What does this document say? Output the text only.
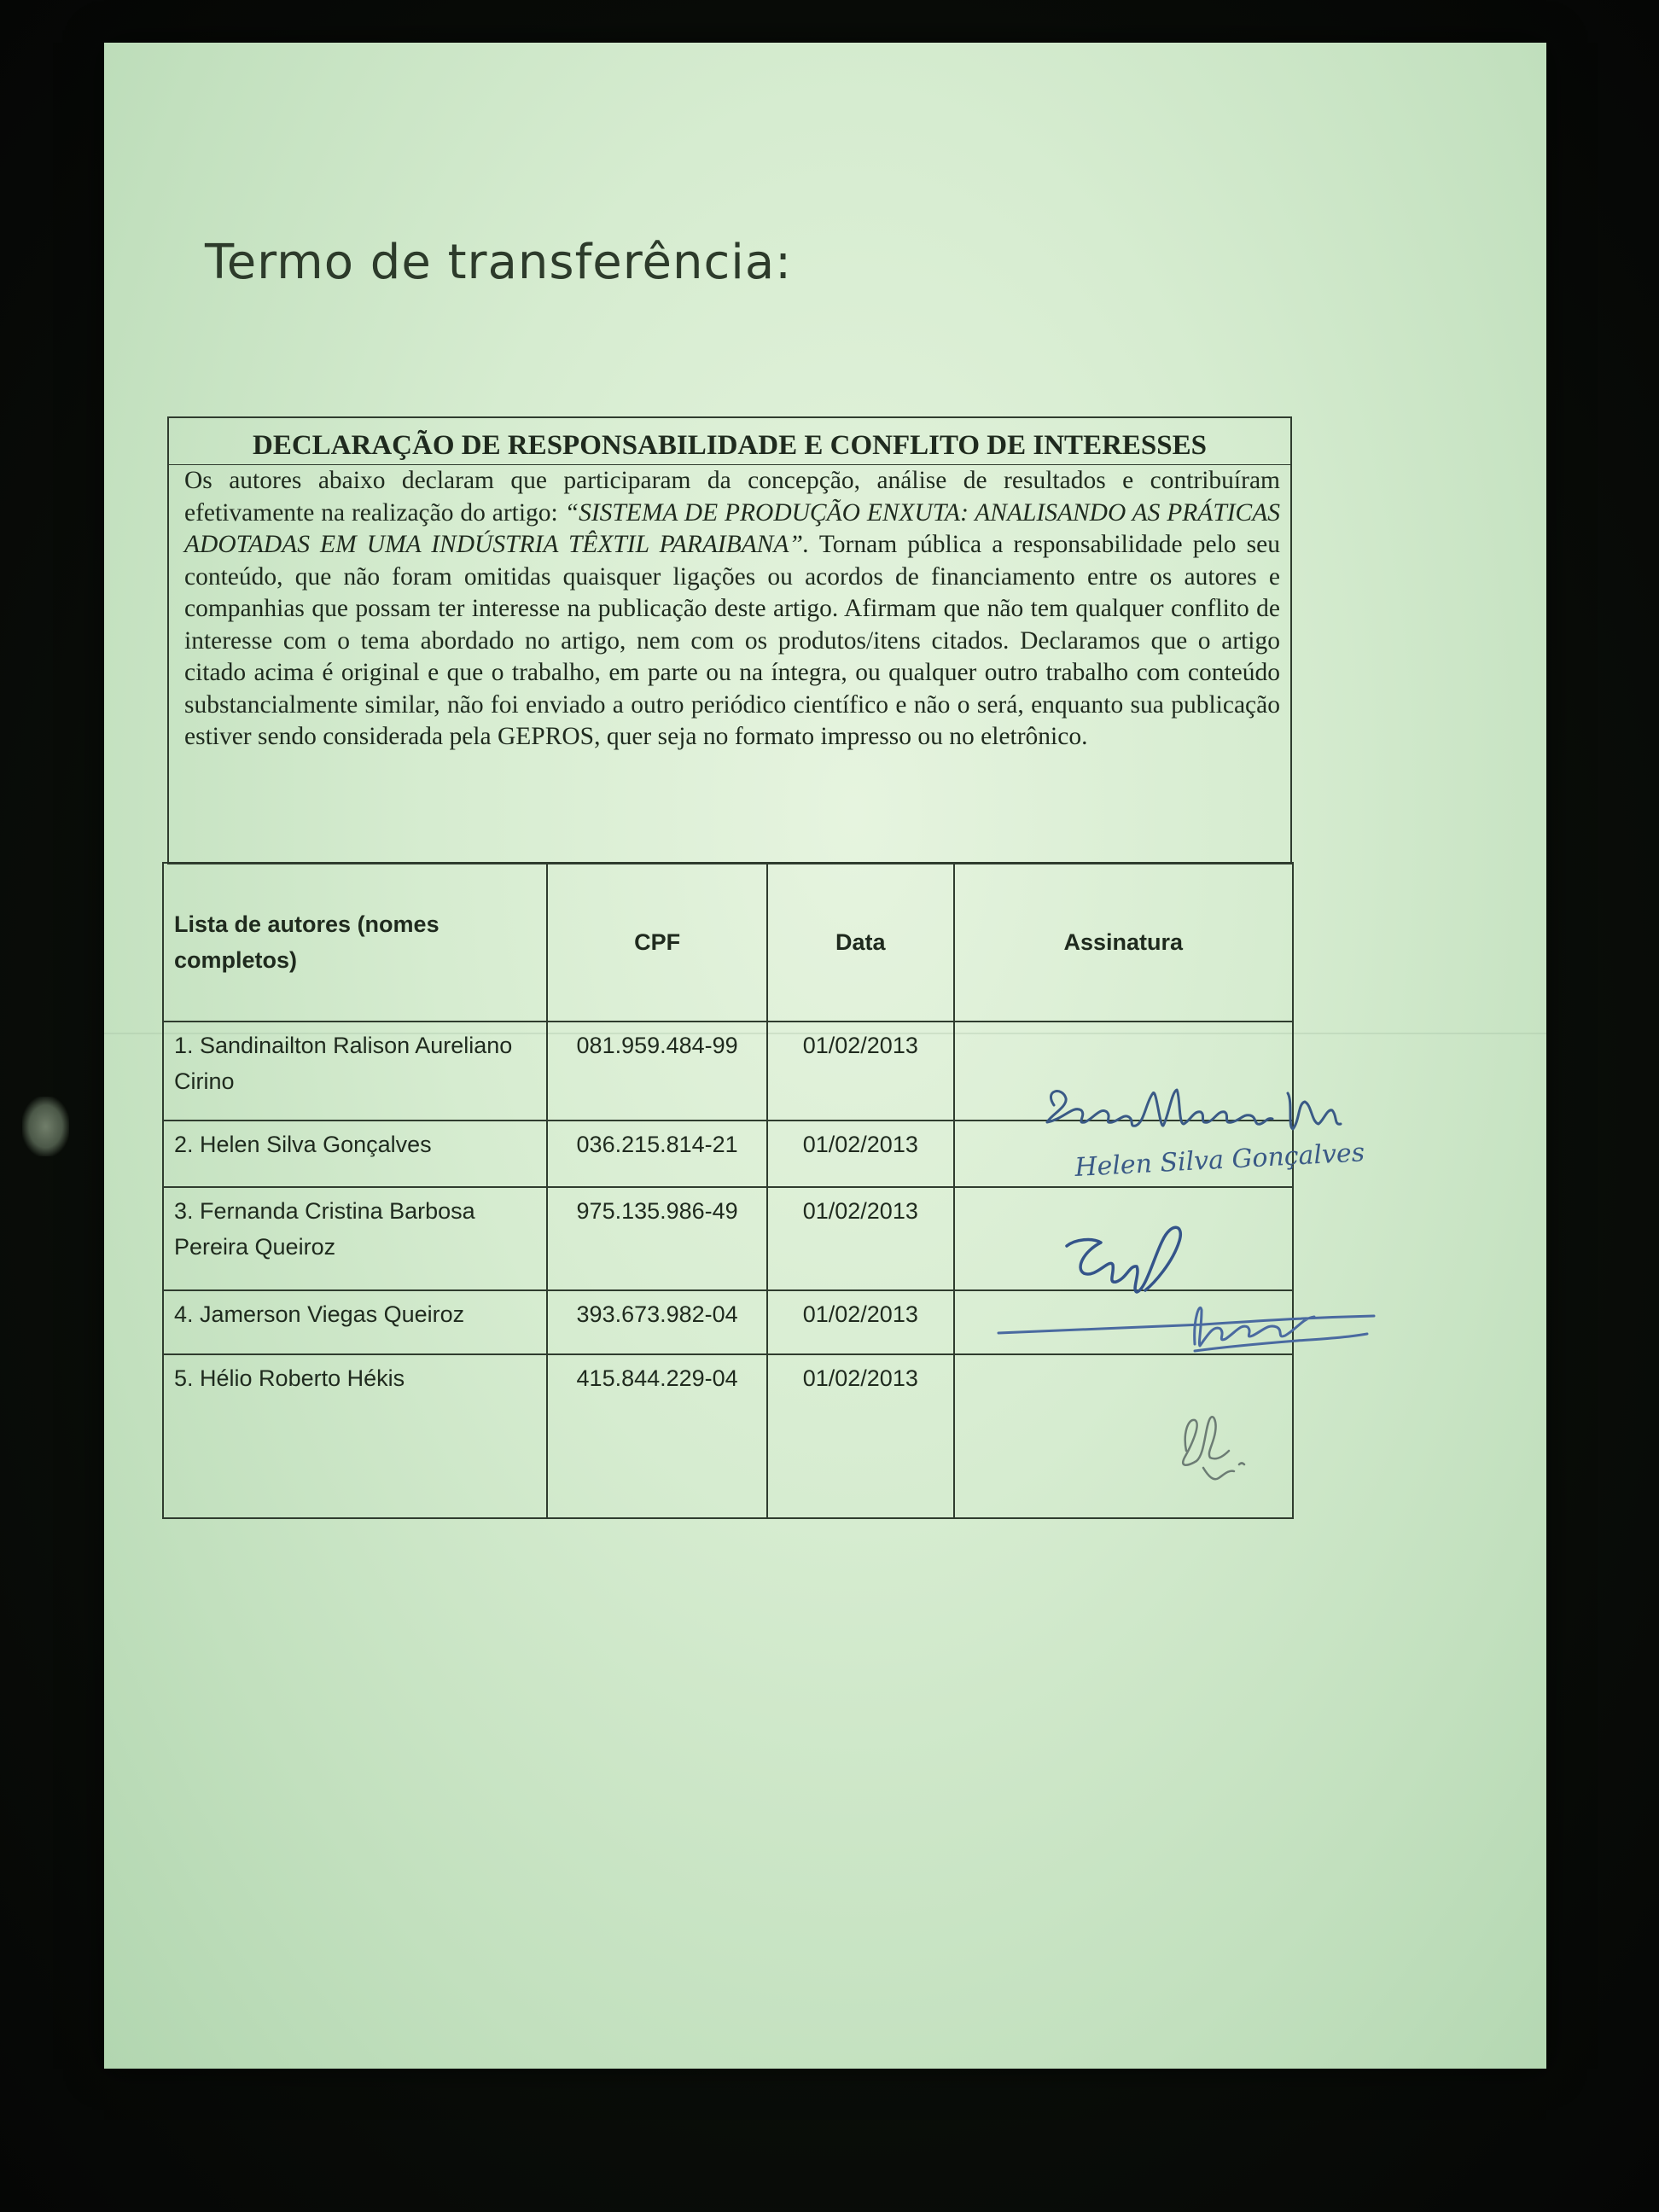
Termo de transferência:

DECLARAÇÃO DE RESPONSABILIDADE E CONFLITO DE INTERESSES
Os autores abaixo declaram que participaram da concepção, análise de resultados e contribuíram efetivamente na realização do artigo: “SISTEMA DE PRODUÇÃO ENXUTA: ANALISANDO AS PRÁTICAS ADOTADAS EM UMA INDÚSTRIA TÊXTIL PARAIBANA”. Tornam pública a responsabilidade pelo seu conteúdo, que não foram omitidas quaisquer ligações ou acordos de financiamento entre os autores e companhias que possam ter interesse na publicação deste artigo. Afirmam que não tem qualquer conflito de interesse com o tema abordado no artigo, nem com os produtos/itens citados. Declaramos que o artigo citado acima é original e que o trabalho, em parte ou na íntegra, ou qualquer outro trabalho com conteúdo substancialmente similar, não foi enviado a outro periódico científico e não o será, enquanto sua publicação estiver sendo considerada pela GEPROS, quer seja no formato impresso ou no eletrônico.
Lista de autores (nomes completos)	CPF	Data	Assinatura
1. Sandinailton Ralison Aureliano Cirino	081.959.484-99	01/02/2013	
2. Helen Silva Gonçalves	036.215.814-21	01/02/2013	
3. Fernanda Cristina Barbosa Pereira Queiroz	975.135.986-49	01/02/2013	
4. Jamerson Viegas Queiroz	393.673.982-04	01/02/2013	
5. Hélio Roberto Hékis	415.844.229-04	01/02/2013	
Helen Silva Gonçalves
